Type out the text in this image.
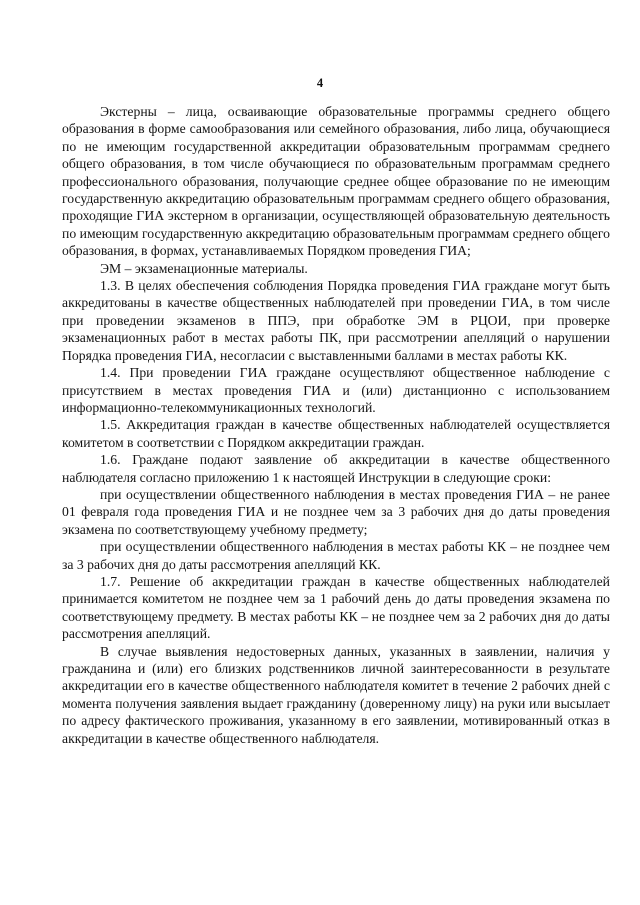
4

Экстерны – лица, осваивающие образовательные программы среднего общего образования в форме самообразования или семейного образования, либо лица, обучающиеся по не имеющим государственной аккредитации образовательным программам среднего общего образования, в том числе обучающиеся по образовательным программам среднего профессионального образования, получающие среднее общее образование по не имеющим государственную аккредитацию образовательным программам среднего общего образования, проходящие ГИА экстерном в организации, осуществляющей образовательную деятельность по имеющим государственную аккредитацию образовательным программам среднего общего образования, в формах, устанавливаемых Порядком проведения ГИА;

ЭМ – экзаменационные материалы.

1.3. В целях обеспечения соблюдения Порядка проведения ГИА граждане могут быть аккредитованы в качестве общественных наблюдателей при проведении ГИА, в том числе при проведении экзаменов в ППЭ, при обработке ЭМ в РЦОИ, при проверке экзаменационных работ в местах работы ПК, при рассмотрении апелляций о нарушении Порядка проведения ГИА, несогласии с выставленными баллами в местах работы КК.

1.4. При проведении ГИА граждане осуществляют общественное наблюдение с присутствием в местах проведения ГИА и (или) дистанционно с использованием информационно-телекоммуникационных технологий.

1.5. Аккредитация граждан в качестве общественных наблюдателей осуществляется комитетом в соответствии с Порядком аккредитации граждан.

1.6. Граждане подают заявление об аккредитации в качестве общественного наблюдателя согласно приложению 1 к настоящей Инструкции в следующие сроки:

при осуществлении общественного наблюдения в местах проведения ГИА – не ранее 01 февраля года проведения ГИА и не позднее чем за 3 рабочих дня до даты проведения экзамена по соответствующему учебному предмету;

при осуществлении общественного наблюдения в местах работы КК – не позднее чем за 3 рабочих дня до даты рассмотрения апелляций КК.

1.7. Решение об аккредитации граждан в качестве общественных наблюдателей принимается комитетом не позднее чем за 1 рабочий день до даты проведения экзамена по соответствующему предмету. В местах работы КК – не позднее чем за 2 рабочих дня до даты рассмотрения апелляций.

В случае выявления недостоверных данных, указанных в заявлении, наличия у гражданина и (или) его близких родственников личной заинтересованности в результате аккредитации его в качестве общественного наблюдателя комитет в течение 2 рабочих дней с момента получения заявления выдает гражданину (доверенному лицу) на руки или высылает по адресу фактического проживания, указанному в его заявлении, мотивированный отказ в аккредитации в качестве общественного наблюдателя.
